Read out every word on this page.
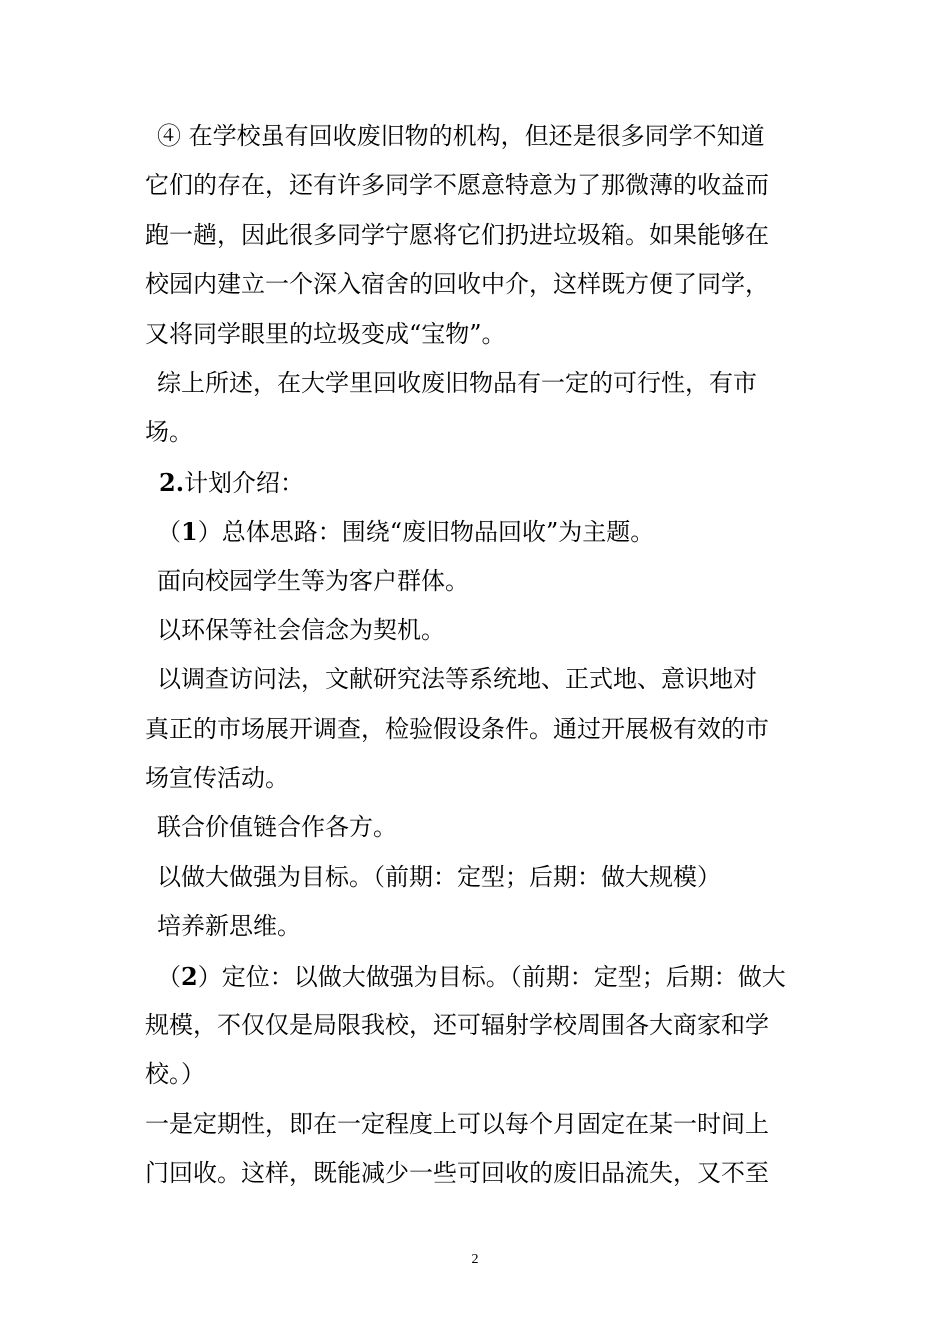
④ 在学校虽有回收废旧物的机构，但还是很多同学不知道
它们的存在，还有许多同学不愿意特意为了那微薄的收益而
跑一趟，因此很多同学宁愿将它们扔进垃圾箱。如果能够在
校园内建立一个深入宿舍的回收中介，这样既方便了同学，
又将同学眼里的垃圾变成“宝物”。
综上所述，在大学里回收废旧物品有一定的可行性，有市
场。
2.计划介绍：
（1）总体思路：围绕“废旧物品回收”为主题。
面向校园学生等为客户群体。
以环保等社会信念为契机。
以调查访问法，文献研究法等系统地、正式地、意识地对
真正的市场展开调查，检验假设条件。通过开展极有效的市
场宣传活动。
联合价值链合作各方。
以做大做强为目标。（前期：定型；后期：做大规模）
培养新思维。
（2）定位：以做大做强为目标。（前期：定型；后期：做大
规模，不仅仅是局限我校，还可辐射学校周围各大商家和学
校。）
一是定期性，即在一定程度上可以每个月固定在某一时间上
门回收。这样，既能减少一些可回收的废旧品流失，又不至
2
